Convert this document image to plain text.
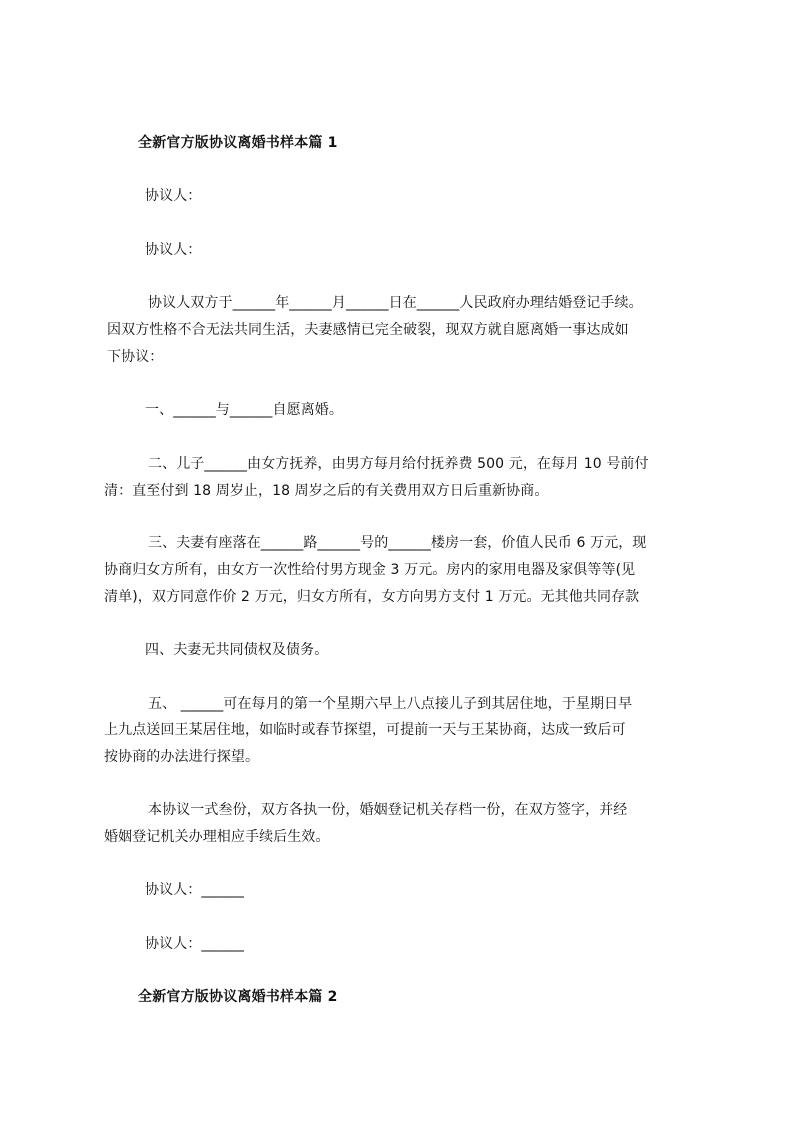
全新官方版协议离婚书样本篇 1
协议人：
协议人：
协议人双方于______年______月______日在______人民政府办理结婚登记手续。
因双方性格不合无法共同生活，夫妻感情已完全破裂，现双方就自愿离婚一事达成如
下协议：
一、______与______自愿离婚。
二、儿子______由女方抚养，由男方每月给付抚养费 500 元，在每月 10 号前付
清：直至付到 18 周岁止，18 周岁之后的有关费用双方日后重新协商。
三、夫妻有座落在______路______号的______楼房一套，价值人民币 6 万元，现
协商归女方所有，由女方一次性给付男方现金 3 万元。房内的家用电器及家俱等等(见
清单)，双方同意作价 2 万元，归女方所有，女方向男方支付 1 万元。无其他共同存款
四、夫妻无共同债权及债务。
五、 ______可在每月的第一个星期六早上八点接儿子到其居住地，于星期日早
上九点送回王某居住地，如临时或春节探望，可提前一天与王某协商，达成一致后可
按协商的办法进行探望。
本协议一式叁份，双方各执一份，婚姻登记机关存档一份，在双方签字，并经
婚姻登记机关办理相应手续后生效。
协议人：______
协议人：______
全新官方版协议离婚书样本篇 2
